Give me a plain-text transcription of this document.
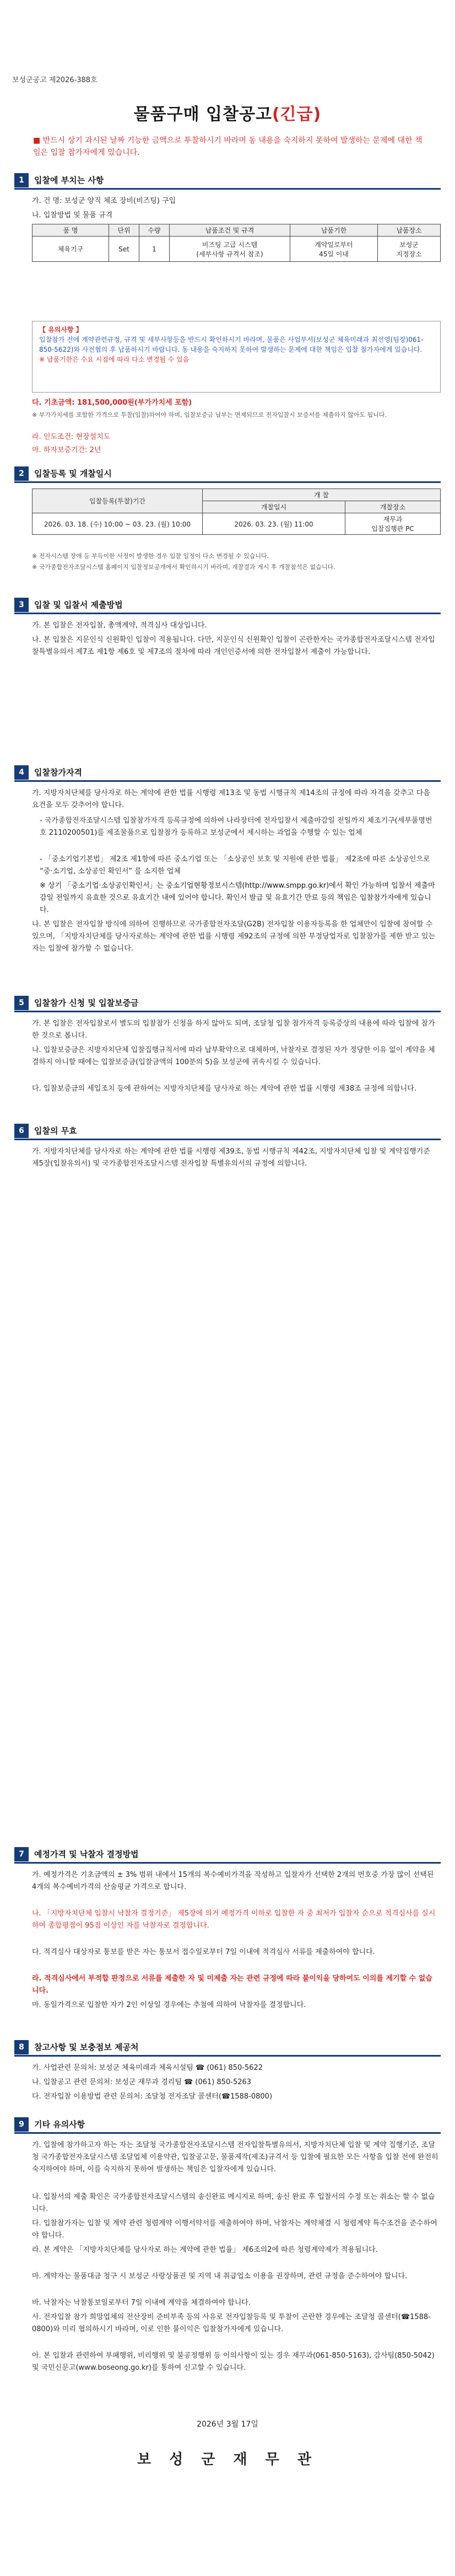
보성군공고 제2026-388호
물품구매 입찰공고(긴급)
■ 반드시 상기 과시된 날짜 기능한 금액으로 투찰하시기 바라며 동 내용을 숙지하지 못하여 발생하는 문제에 대한 책임은 입찰 참가자에게 있습니다.
1	입찰에 부치는 사항
가. 건 명: 보성군 양직 체조 장비(비즈팅) 구입
나. 입찰방법 및 물품 규격
품 명	단위	수량	납품조건 및 규격	납품기한	납품장소
체육기구	Set	1	비즈팅 고급 시스템
(세부사항 규격서 참조)	계약일로부터
45일 이내	보성군
지정장소
【 유의사항 】
입찰참가 전에 계약관련규정, 규격 및 세부사항등을 반드시 확인하시기 바라며, 물품은 사업부서(보성군 체육미래과 최선영(팀장)061-850-5622)와 사전협의 후 납품하시기 바랍니다. 동 내용을 숙지하지 못하여 발생하는 문제에 대한 책임은 입찰 참가자에게 있습니다.
※ 납품기한은 수요 시점에 따라 다소 변경될 수 있음
다. 기초금액: 181,500,000원(부가가치세 포함)
※ 부가가치세를 포함한 가격으로 투찰(입찰)하여야 하며, 입찰보증금 납부는 면제되므로 전자입찰시 보증서를 제출하지 않아도 됩니다.
라. 인도조건: 현장설치도
마. 하자보증기간: 2년
2	입찰등록 및 개찰일시
입찰등록(투찰)기간	개 찰	
	개찰일시	개찰장소
2026. 03. 18. (수) 10:00 ~ 03. 23. (월) 10:00	2026. 03. 23. (월) 11:00	재무과
입찰집행관 PC
※ 전자시스템 장애 등 부득이한 사정이 발생한 경우 입찰 일정이 다소 변경될 수 있습니다.
※ 국가종합전자조달시스템 홈페이지 입찰정보공개에서 확인하시기 바라며, 개찰결과 게시 후 개찰참석은 없습니다.
3	입찰 및 입찰서 제출방법
가. 본 입찰은 전자입찰, 총액계약, 적격심사 대상입니다.
나. 본 입찰은 지문인식 신원확인 입찰이 적용됩니다. 다만, 지문인식 신원확인 입찰이 곤란한자는 국가종합전자조달시스템 전자입찰특별유의서 제7조 제1항 제6호 및 제7조의 절차에 따라 개인인증서에 의한 전자입찰서 제출이 가능합니다.
4	입찰참가자격
가. 지방자치단체를 당사자로 하는 계약에 관한 법률 시행령 제13조 및 동법 시행규칙 제14조의 규정에 따라 자격을 갖추고 다음 요건을 모두 갖추어야 합니다.
- 국가종합전자조달시스템 입찰참가자격 등록규정에 의하여 나라장터에 전자입찰서 제출마감일 전일까지 체조기구(세부품명번호 2110200501)를 제조물품으로 입찰참가 등록하고 보성군에서 제시하는 과업을 수행할 수 있는 업체
- 「중소기업기본법」 제2조 제1항에 따른 중소기업 또는 「소상공인 보호 및 지원에 관한 법률」 제2조에 따른 소상공인으로 “중·소기업, 소상공인 확인서” 를 소지한 업체
※ 상기 「중소기업·소상공인확인서」는 중소기업현황정보시스템(http://www.smpp.go.kr)에서 확인 가능하며 입찰서 제출마감일 전일까지 유효한 것으로 유효기간 내에 있어야 합니다. 확인서 발급 및 유효기간 만료 등의 책임은 입찰참가자에게 있습니다.
나. 본 입찰은 전자입찰 방식에 의하여 진행하므로 국가종합전자조달(G2B) 전자입찰 이용자등록을 한 업체만이 입찰에 참여할 수 있으며, 「지방자치단체를 당사자로하는 계약에 관한 법률 시행령 제92조의 규정에 의한 부정당업자로 입찰참가를 제한 받고 있는 자는 입찰에 참가할 수 없습니다.
5	입찰참가 신청 및 입찰보증금
가. 본 입찰은 전자입찰로서 별도의 입찰참가 신청을 하지 않아도 되며, 조달청 입찰 참가자격 등록증상의 내용에 따라 입찰에 참가한 것으로 봅니다.
나. 입찰보증금은 지방자치단체 입찰집행규칙서에 따라 납부확약으로 대체하며, 낙찰자로 결정된 자가 정당한 이유 없이 계약을 체결하지 아니할 때에는 입찰보증금(입찰금액의 100분의 5)을 보성군에 귀속시킬 수 있습니다.
다. 입찰보증금의 세입조치 등에 관하여는 지방자치단체를 당사자로 하는 계약에 관한 법률 시행령 제38조 규정에 의합니다.
6	입찰의 무효
가. 지방자치단체를 당사자로 하는 계약에 관한 법률 시행령 제39조, 동법 시행규칙 제42조, 지방자치단체 입찰 및 계약집행기준 제5장(입찰유의서) 및 국가종합전자조달시스템 전자입찰 특별유의서의 규정에 의합니다.
7	예정가격 및 낙찰자 결정방법
가. 예정가격은 기초금액의 ± 3% 범위 내에서 15개의 복수예비가격을 작성하고 입찰자가 선택한 2개의 번호중 가장 많이 선택된 4개의 복수예비가격의 산술평균 가격으로 합니다.
나. 「지방자치단체 입찰시 낙찰자 결정기준」 제5장에 의거 예정가격 이하로 입찰한 자 중 최저가 입찰자 순으로 적격심사를 실시하여 종합평점이 95점 이상인 자를 낙찰자로 결정합니다.
다. 적격심사 대상자로 통보를 받은 자는 통보서 접수일로부터 7일 이내에 적격심사 서류를 제출하여야 합니다.
라. 적격심사에서 부적합 판정으로 서류를 제출한 자 및 미제출 자는 관련 규정에 따라 불이익을 당하여도 이의를 제기할 수 없습니다.
마. 동일가격으로 입찰한 자가 2인 이상일 경우에는 추첨에 의하여 낙찰자를 결정합니다.
8	참고사항 및 보충점보 제공처
가. 사업관련 문의처: 보성군 체육미래과 체육시설팀 ☎ (061) 850-5622
나. 입찰공고 관련 문의처: 보성군 재무과 경리팀 ☎ (061) 850-5263
다. 전자입찰 이용방법 관련 문의처: 조달청 전자조달 콜센터(☎1588-0800)
9	기타 유의사항
가. 입찰에 참가하고자 하는 자는 조달청 국가종합전자조달시스템 전자입찰특별유의서, 지방자치단체 입찰 및 계약 집행기준, 조달청 국가종합전자조달시스템 조달업체 이용약관, 입찰공고문, 물품제작(제조)규격서 등 입찰에 필요한 모든 사항을 입찰 전에 완전히 숙지하여야 하며, 이를 숙지하지 못하여 발생하는 책임은 입찰자에게 있습니다.
나. 입찰서의 제출 확인은 국가종합전자조달시스템의 송신완료 메시지로 하며, 송신 완료 후 입찰서의 수정 또는 취소는 할 수 없습니다.
다. 입찰참가자는 입찰 및 계약 관련 청렴계약 이행서약서를 제출하여야 하며, 낙찰자는 계약체결 시 청렴계약 특수조건을 준수하여야 합니다.
라. 본 계약은 「지방자치단체를 당사자로 하는 계약에 관한 법률」 제6조의2에 따른 청렴계약제가 적용됩니다.
마. 계약자는 물품대금 청구 시 보성군 사랑상품권 및 지역 내 취급업소 이용을 권장하며, 관련 규정을 준수하여야 합니다.
바. 낙찰자는 낙찰통보일로부터 7일 이내에 계약을 체결하여야 합니다.
사. 전자입찰 참가 희망업체의 전산장비 준비부족 등의 사유로 전자입찰등록 및 투찰이 곤란한 경우에는 조달청 콜센터(☎1588-0800)와 미리 협의하시기 바라며, 이로 인한 불이익은 입찰참가자에게 있습니다.
아. 본 입찰과 관련하여 부패행위, 비리행위 및 불공정행위 등 이의사항이 있는 경우 재무과(061-850-5163), 감사팀(850-5042) 및 국민신문고(www.boseong.go.kr)를 통하여 신고할 수 있습니다.
2026년 3월 17일
보 성 군 재 무 관
